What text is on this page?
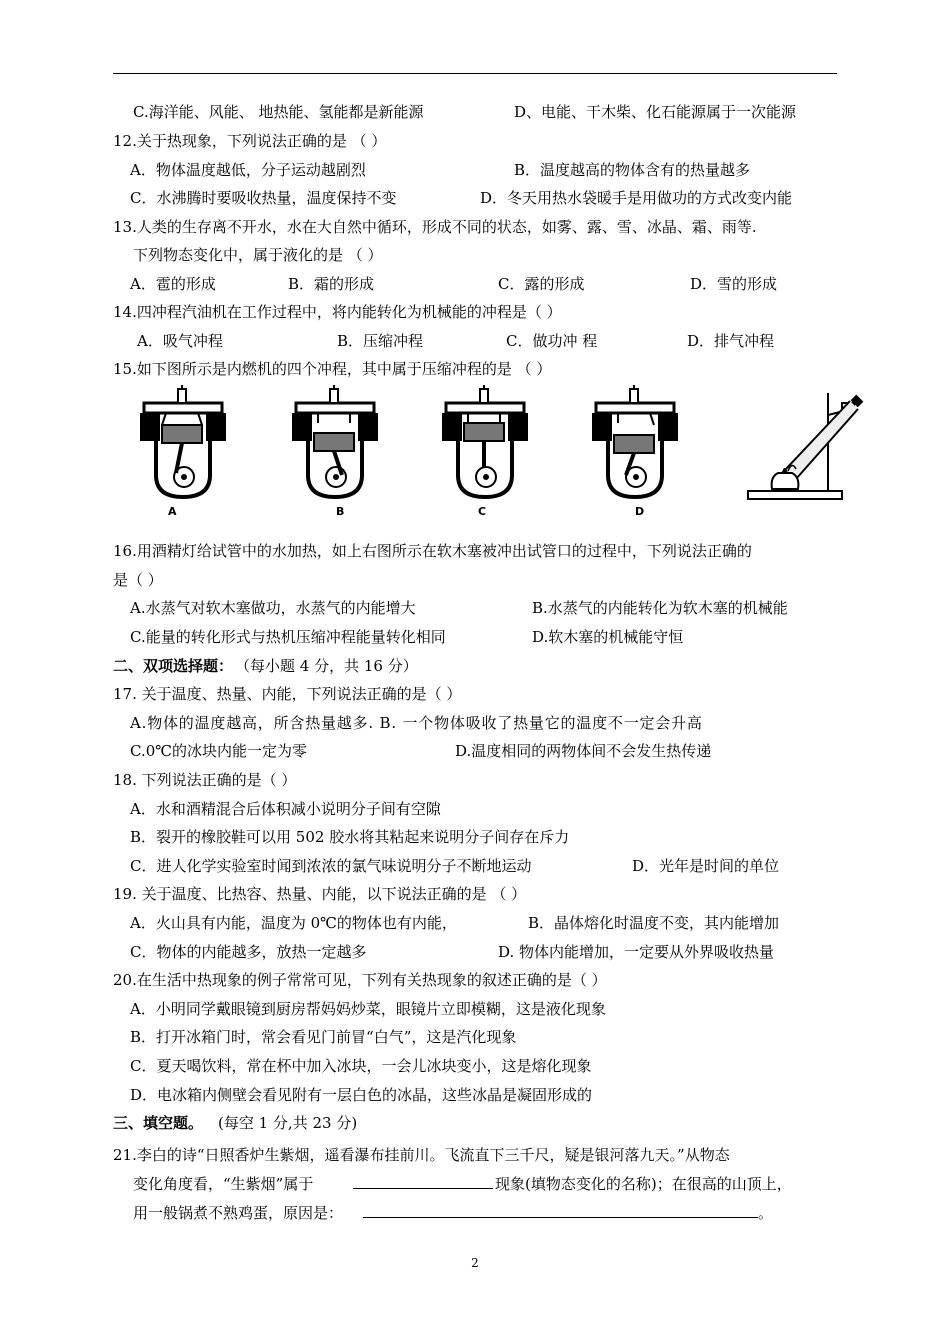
C.海洋能、风能、 地热能、氢能都是新能源	D、电能、干木柴、化石能源属于一次能源
12.关于热现象，下列说法正确的是 （ ）
A．物体温度越低，分子运动越剧烈	B．温度越高的物体含有的热量越多
C．水沸腾时要吸收热量，温度保持不变	D．冬天用热水袋暖手是用做功的方式改变内能
13.人类的生存离不开水，水在大自然中循环，形成不同的状态，如雾、露、雪、冰晶、霜、雨等.
下列物态变化中，属于液化的是 （ ）
A．雹的形成	B．霜的形成	C．露的形成	D．雪的形成
14.四冲程汽油机在工作过程中，将内能转化为机械能的冲程是（ ）
A．吸气冲程	B．压缩冲程	C．做功冲 程	D．排气冲程
15.如下图所示是内燃机的四个冲程，其中属于压缩冲程的是 （ ）
A	B	C	D
16.用酒精灯给试管中的水加热，如上右图所示在软木塞被冲出试管口的过程中，下列说法正确的
是（ ）
A.水蒸气对软木塞做功，水蒸气的内能增大	B.水蒸气的内能转化为软木塞的机械能
C.能量的转化形式与热机压缩冲程能量转化相同	D.软木塞的机械能守恒
二、双项选择题： （每小题 4 分，共 16 分）
17. 关于温度、热量、内能，下列说法正确的是（ ）
A.物体的温度越高，所含热量越多. B. 一个物体吸收了热量它的温度不一定会升高
C.0℃的冰块内能一定为零	D.温度相同的两物体间不会发生热传递
18. 下列说法正确的是（ ）
A．水和酒精混合后体积减小说明分子间有空隙
B．裂开的橡胶鞋可以用 502 胶水将其粘起来说明分子间存在斥力
C．进人化学实验室时闻到浓浓的氯气味说明分子不断地运动	D．光年是时间的单位
19. 关于温度、比热容、热量、内能，以下说法正确的是 （ ）
A．火山具有内能，温度为 0℃的物体也有内能，	B．晶体熔化时温度不变，其内能增加
C．物体的内能越多，放热一定越多	D. 物体内能增加，一定要从外界吸收热量
20.在生活中热现象的例子常常可见，下列有关热现象的叙述正确的是（ ）
A．小明同学戴眼镜到厨房帮妈妈炒菜，眼镜片立即模糊，这是液化现象
B．打开冰箱门时，常会看见门前冒“白气”，这是汽化现象
C．夏天喝饮料，常在杯中加入冰块，一会儿冰块变小，这是熔化现象
D．电冰箱内侧壁会看见附有一层白色的冰晶，这些冰晶是凝固形成的
三、填空题。 (每空 1 分,共 23 分)
21.李白的诗“日照香炉生紫烟，遥看瀑布挂前川。飞流直下三千尺，疑是银河落九天。”从物态
变化角度看，“生紫烟”属于	现象(填物态变化的名称)；在很高的山顶上，
用一般锅煮不熟鸡蛋，原因是：	。
2
